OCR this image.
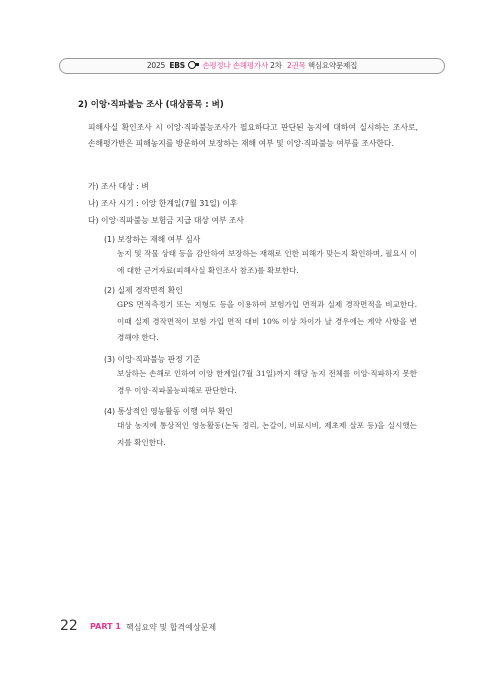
2025 EBS 손평정나 손해평가사 2차 2권목 핵심요약문제집
2) 이앙·직파불능 조사 (대상품목 : 벼)
피해사실 확인조사 시 이앙·직파불능조사가 필요하다고 판단된 농지에 대하여 실시하는 조사로, 손해평가반은 피해농지를 방문하여 보장하는 재해 여부 및 이앙·직파불능 여부를 조사한다.
가) 조사 대상 : 벼
나) 조사 시기 : 이앙 한계일(7월 31일) 이후
다) 이앙·직파불능 보험금 지급 대상 여부 조사
(1) 보장하는 재해 여부 심사
농지 및 작물 상태 등을 감안하여 보장하는 재해로 인한 피해가 맞는지 확인하며, 필요시 이에 대한 근거자료(피해사실 확인조사 참조)를 확보한다.
(2) 실제 경작면적 확인
GPS 면적측정기 또는 지형도 등을 이용하여 보험가입 면적과 실제 경작면적을 비교한다. 이때 실제 경작면적이 보험 가입 면적 대비 10% 이상 차이가 날 경우에는 계약 사항을 변경해야 한다.
(3) 이앙·직파불능 판정 기준
보상하는 손해로 인하여 이앙 한계일(7월 31일)까지 해당 농지 전체를 이앙·직파하지 못한 경우 이앙·직파불능피해로 판단한다.
(4) 통상적인 영농활동 이행 여부 확인
대상 농지에 통상적인 영농활동(논둑 정리, 논갈이, 비료시비, 제초제 살포 등)을 실시했는지를 확인한다.
22 PART 1 핵심요약 및 합격예상문제
